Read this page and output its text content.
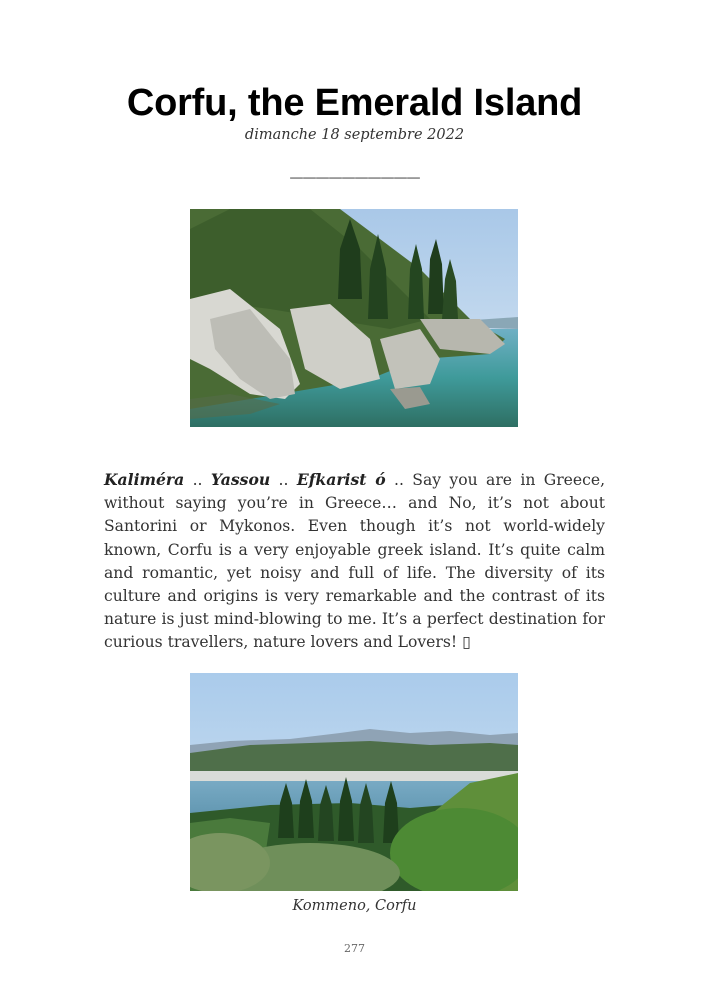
Corfu, the Emerald Island
dimanche 18 septembre 2022
——————————

Kaliméra .. Yassou .. Efkarist ó .. Say you are in Greece, without saying you’re in Greece… and No, it’s not about Santorini or Mykonos. Even though it’s not world-widely known, Corfu is a very enjoyable greek island. It’s quite calm and romantic, yet noisy and full of life. The diversity of its culture and origins is very remarkable and the contrast of its nature is just mind-blowing to me. It’s a perfect destination for curious travellers, nature lovers and Lovers! ▯

Kommeno, Corfu
277
